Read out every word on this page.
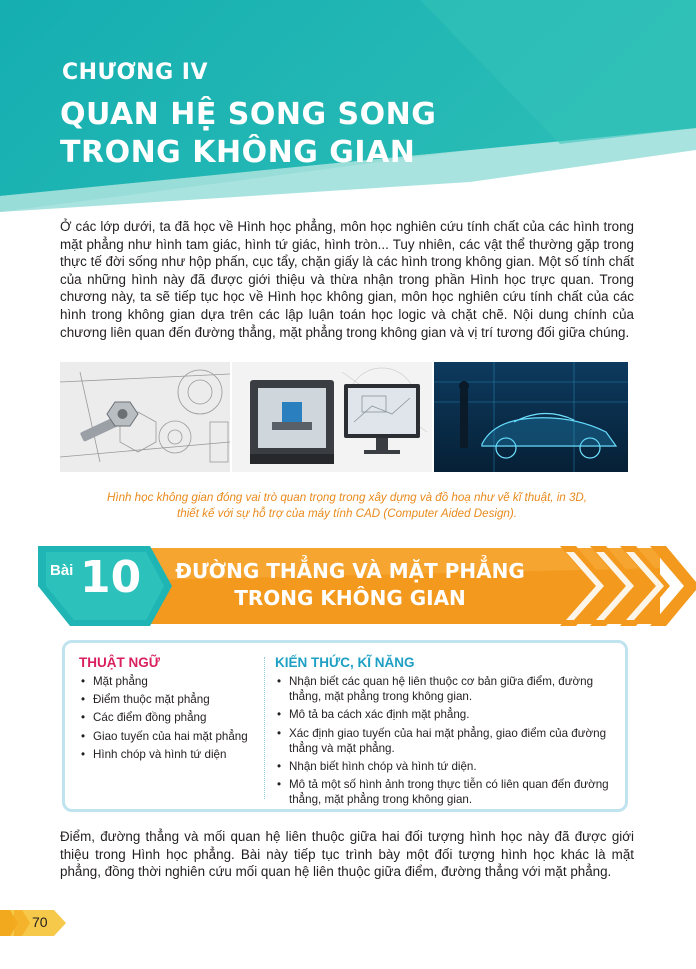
CHƯƠNG IV
QUAN HỆ SONG SONG
TRONG KHÔNG GIAN

Ở các lớp dưới, ta đã học về Hình học phẳng, môn học nghiên cứu tính chất của các hình trong mặt phẳng như hình tam giác, hình tứ giác, hình tròn... Tuy nhiên, các vật thể thường gặp trong thực tế đời sống như hộp phấn, cục tẩy, chặn giấy là các hình trong không gian. Một số tính chất của những hình này đã được giới thiệu và thừa nhận trong phần Hình học trực quan. Trong chương này, ta sẽ tiếp tục học về Hình học không gian, môn học nghiên cứu tính chất của các hình trong không gian dựa trên các lập luận toán học logic và chặt chẽ. Nội dung chính của chương liên quan đến đường thẳng, mặt phẳng trong không gian và vị trí tương đối giữa chúng.

Hình học không gian đóng vai trò quan trọng trong xây dựng và đồ hoạ như vẽ kĩ thuật, in 3D,
thiết kế với sự hỗ trợ của máy tính CAD (Computer Aided Design).
Bài 10	ĐƯỜNG THẲNG VÀ MẶT PHẲNG
TRONG KHÔNG GIAN
THUẬT NGỮ
• Mặt phẳng
• Điểm thuộc mặt phẳng
• Các điểm đồng phẳng
• Giao tuyến của hai mặt phẳng
• Hình chóp và hình tứ diện
KIẾN THỨC, KĨ NĂNG
• Nhận biết các quan hệ liên thuộc cơ bản giữa điểm, đường thẳng, mặt phẳng trong không gian.
• Mô tả ba cách xác định mặt phẳng.
• Xác định giao tuyến của hai mặt phẳng, giao điểm của đường thẳng và mặt phẳng.
• Nhận biết hình chóp và hình tứ diện.
• Mô tả một số hình ảnh trong thực tiễn có liên quan đến đường thẳng, mặt phẳng trong không gian.

Điểm, đường thẳng và mối quan hệ liên thuộc giữa hai đối tượng hình học này đã được giới thiệu trong Hình học phẳng. Bài này tiếp tục trình bày một đối tượng hình học khác là mặt phẳng, đồng thời nghiên cứu mối quan hệ liên thuộc giữa điểm, đường thẳng với mặt phẳng.

70
